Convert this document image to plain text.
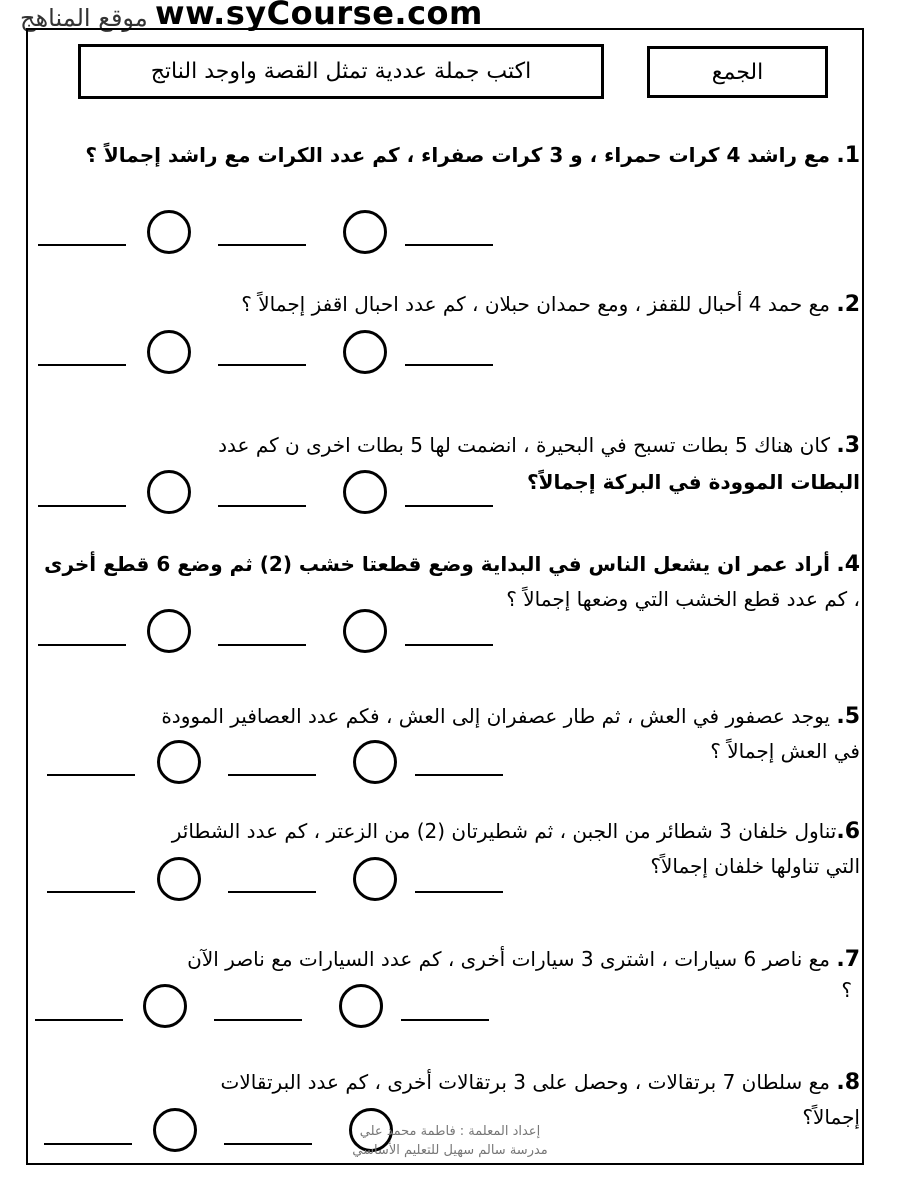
موقع المناهج ww.syCourse.com
الجمع
اكتب جملة عددية تمثل القصة واوجد الناتج
1. مع راشد 4 كرات حمراء ، و 3 كرات صفراء ، كم عدد الكرات مع راشد إجمالاً ؟
2. مع حمد 4 أحبال للقفز ، ومع حمدان حبلان ، كم عدد احبال اقفز إجمالاً ؟
3. كان هناك 5 بطات تسبح في البحيرة ، انضمت لها 5 بطات اخرى ن كم عدد
البطات الموودة في البركة إجمالاً؟
4. أراد عمر ان يشعل الناس في البداية وضع قطعتا خشب (2) ثم وضع 6 قطع أخرى
، كم عدد قطع الخشب التي وضعها إجمالاً ؟
5. يوجد عصفور في العش ، ثم طار عصفران إلى العش ، فكم عدد العصافير الموودة
في العش إجمالاً ؟
6.تناول خلفان 3 شطائر من الجبن ، ثم شطيرتان (2) من الزعتر ، كم عدد الشطائر
التي تناولها خلفان إجمالاً؟
7. مع ناصر 6 سيارات ، اشترى 3 سيارات أخرى ، كم عدد السيارات مع ناصر الآن
؟
8. مع سلطان 7 برتقالات ، وحصل على 3 برتقالات أخرى ، كم عدد البرتقالات
إجمالاً؟
إعداد المعلمة : فاطمة محمد علي
مدرسة سالم سهيل للتعليم الأساسي
